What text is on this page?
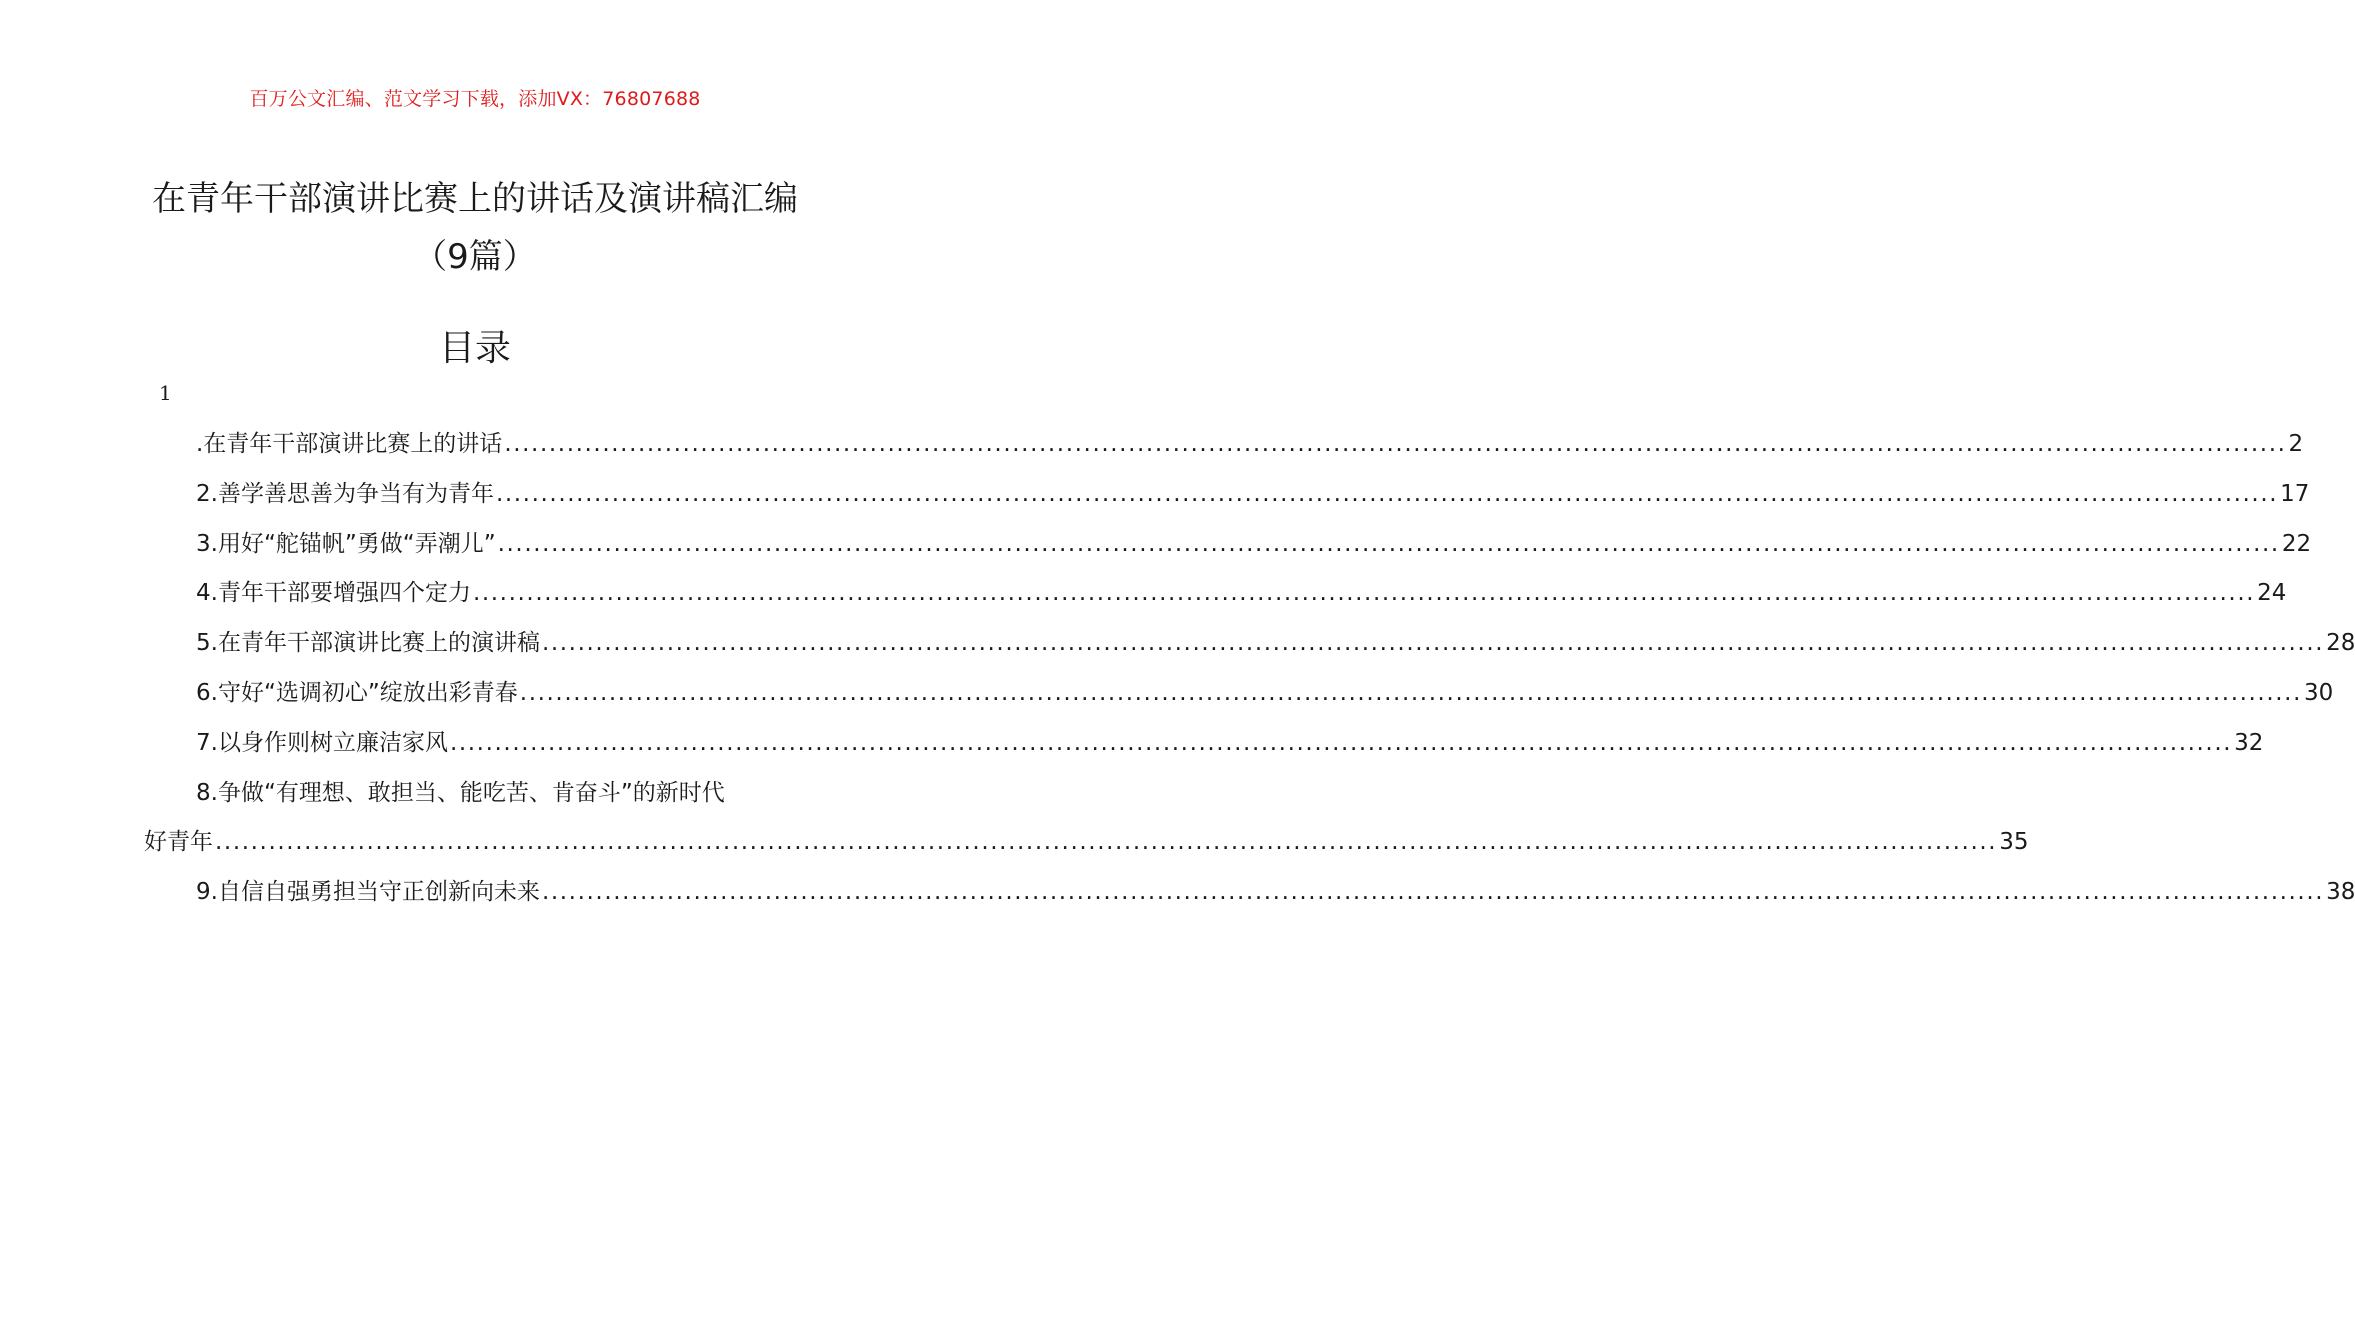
百万公文汇编、范文学习下载，添加VX：76807688
在青年干部演讲比赛上的讲话及演讲稿汇编（9篇）
目录
1
.在青年干部演讲比赛上的讲话 ........................................................................................................................................................................................................ 2
2.善学善思善为争当有为青年 ........................................................................................................................................................................................................ 17
3.用好“舵锚帆”勇做“弄潮儿” ........................................................................................................................................................................................................ 22
4.青年干部要增强四个定力 ........................................................................................................................................................................................................ 24
5.在青年干部演讲比赛上的演讲稿 ........................................................................................................................................................................................................ 28
6.守好“选调初心”绽放出彩青春 ........................................................................................................................................................................................................ 30
7.以身作则树立廉洁家风 ........................................................................................................................................................................................................ 32
8.争做“有理想、敢担当、能吃苦、肯奋斗”的新时代
好青年 ........................................................................................................................................................................................................ 35
9.自信自强勇担当守正创新向未来 ........................................................................................................................................................................................................ 38
